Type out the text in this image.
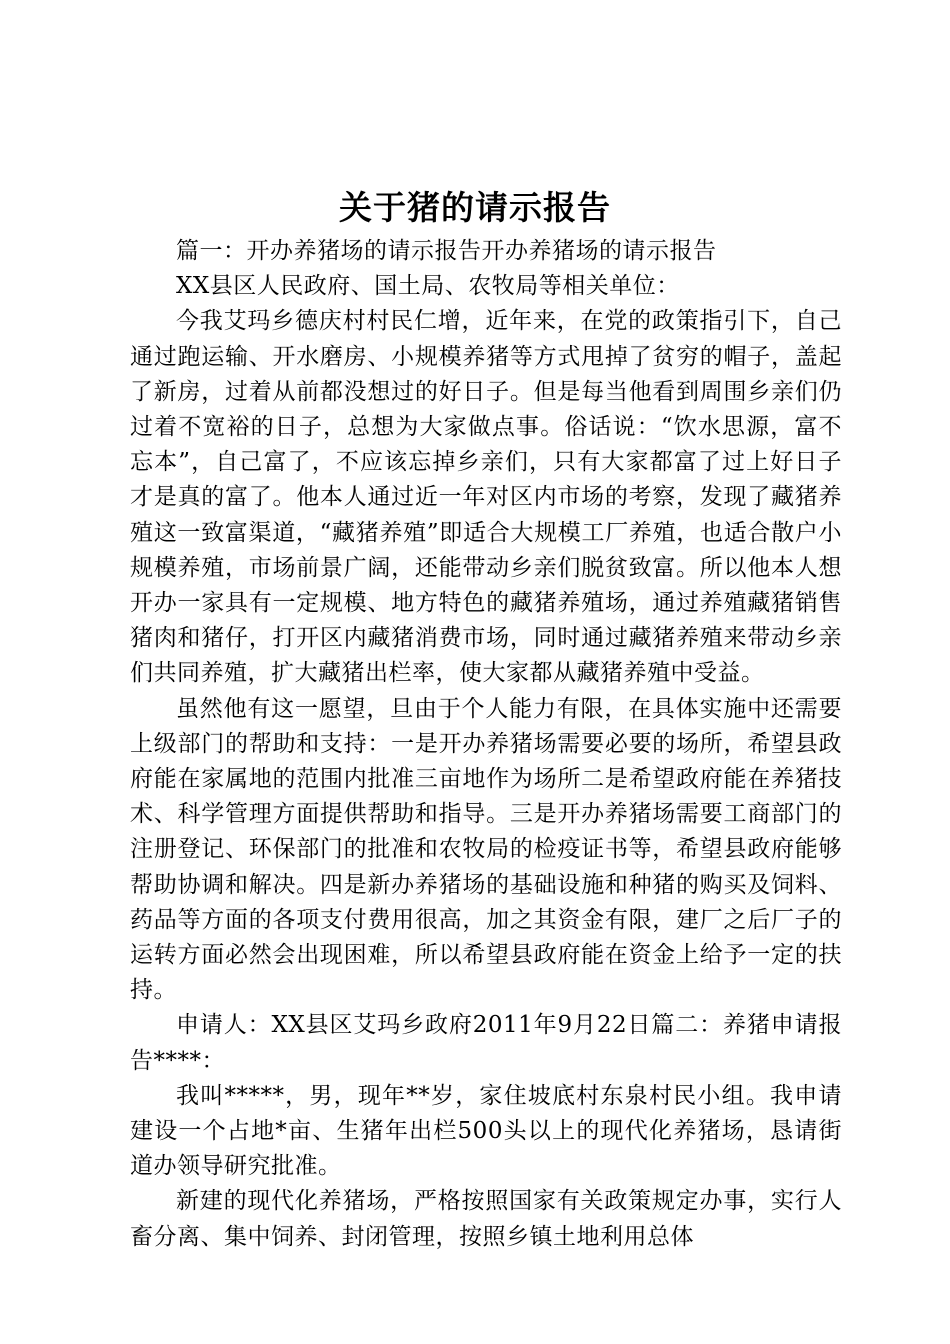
关于猪的请示报告

篇一：开办养猪场的请示报告开办养猪场的请示报告

XX县区人民政府、国土局、农牧局等相关单位：

今我艾玛乡德庆村村民仁增，近年来，在党的政策指引下，自己通过跑运输、开水磨房、小规模养猪等方式甩掉了贫穷的帽子，盖起了新房，过着从前都没想过的好日子。但是每当他看到周围乡亲们仍过着不宽裕的日子，总想为大家做点事。俗话说：“饮水思源，富不忘本”，自己富了，不应该忘掉乡亲们，只有大家都富了过上好日子才是真的富了。他本人通过近一年对区内市场的考察，发现了藏猪养殖这一致富渠道，“藏猪养殖”即适合大规模工厂养殖，也适合散户小规模养殖，市场前景广阔，还能带动乡亲们脱贫致富。所以他本人想开办一家具有一定规模、地方特色的藏猪养殖场，通过养殖藏猪销售猪肉和猪仔，打开区内藏猪消费市场，同时通过藏猪养殖来带动乡亲们共同养殖，扩大藏猪出栏率，使大家都从藏猪养殖中受益。

虽然他有这一愿望，旦由于个人能力有限，在具体实施中还需要上级部门的帮助和支持：一是开办养猪场需要必要的场所，希望县政府能在家属地的范围内批准三亩地作为场所二是希望政府能在养猪技术、科学管理方面提供帮助和指导。三是开办养猪场需要工商部门的注册登记、环保部门的批准和农牧局的检疫证书等，希望县政府能够帮助协调和解决。四是新办养猪场的基础设施和种猪的购买及饲料、药品等方面的各项支付费用很高，加之其资金有限，建厂之后厂子的运转方面必然会出现困难，所以希望县政府能在资金上给予一定的扶持。

申请人：XX县区艾玛乡政府2011年9月22日篇二：养猪申请报告****：

我叫*****，男，现年**岁，家住坡底村东泉村民小组。我申请建设一个占地*亩、生猪年出栏500头以上的现代化养猪场，恳请街道办领导研究批准。

新建的现代化养猪场，严格按照国家有关政策规定办事，实行人畜分离、集中饲养、封闭管理，按照乡镇土地利用总体
